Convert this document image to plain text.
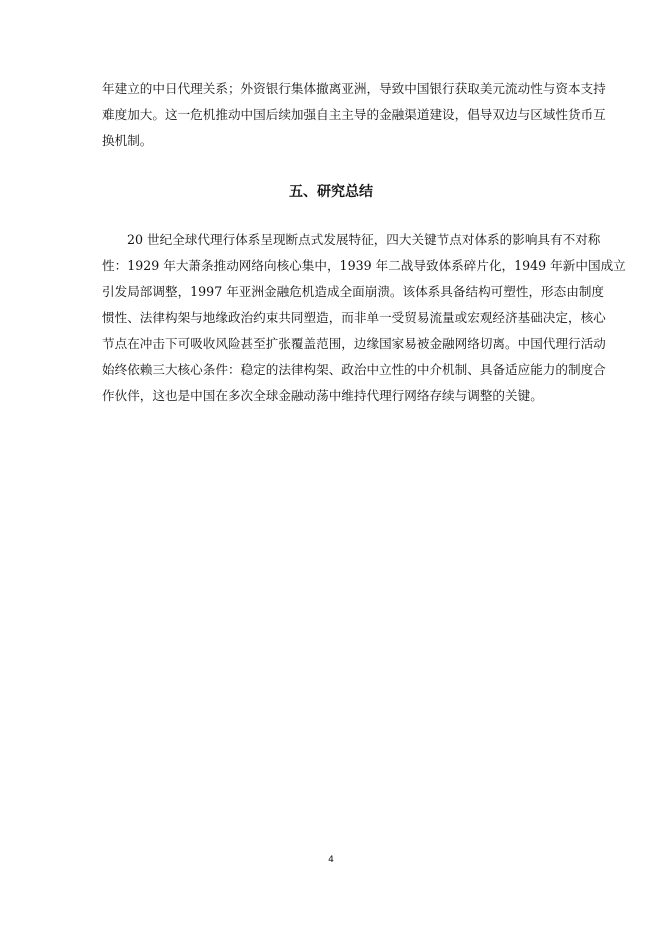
年建立的中日代理关系；外资银行集体撤离亚洲，导致中国银行获取美元流动性与资本支持
难度加大。这一危机推动中国后续加强自主主导的金融渠道建设，倡导双边与区域性货币互
换机制。
五、研究总结
20 世纪全球代理行体系呈现断点式发展特征，四大关键节点对体系的影响具有不对称
性：1929 年大萧条推动网络向核心集中，1939 年二战导致体系碎片化，1949 年新中国成立
引发局部调整，1997 年亚洲金融危机造成全面崩溃。该体系具备结构可塑性，形态由制度
惯性、法律构架与地缘政治约束共同塑造，而非单一受贸易流量或宏观经济基础决定，核心
节点在冲击下可吸收风险甚至扩张覆盖范围，边缘国家易被金融网络切离。中国代理行活动
始终依赖三大核心条件：稳定的法律构架、政治中立性的中介机制、具备适应能力的制度合
作伙伴，这也是中国在多次全球金融动荡中维持代理行网络存续与调整的关键。
4
